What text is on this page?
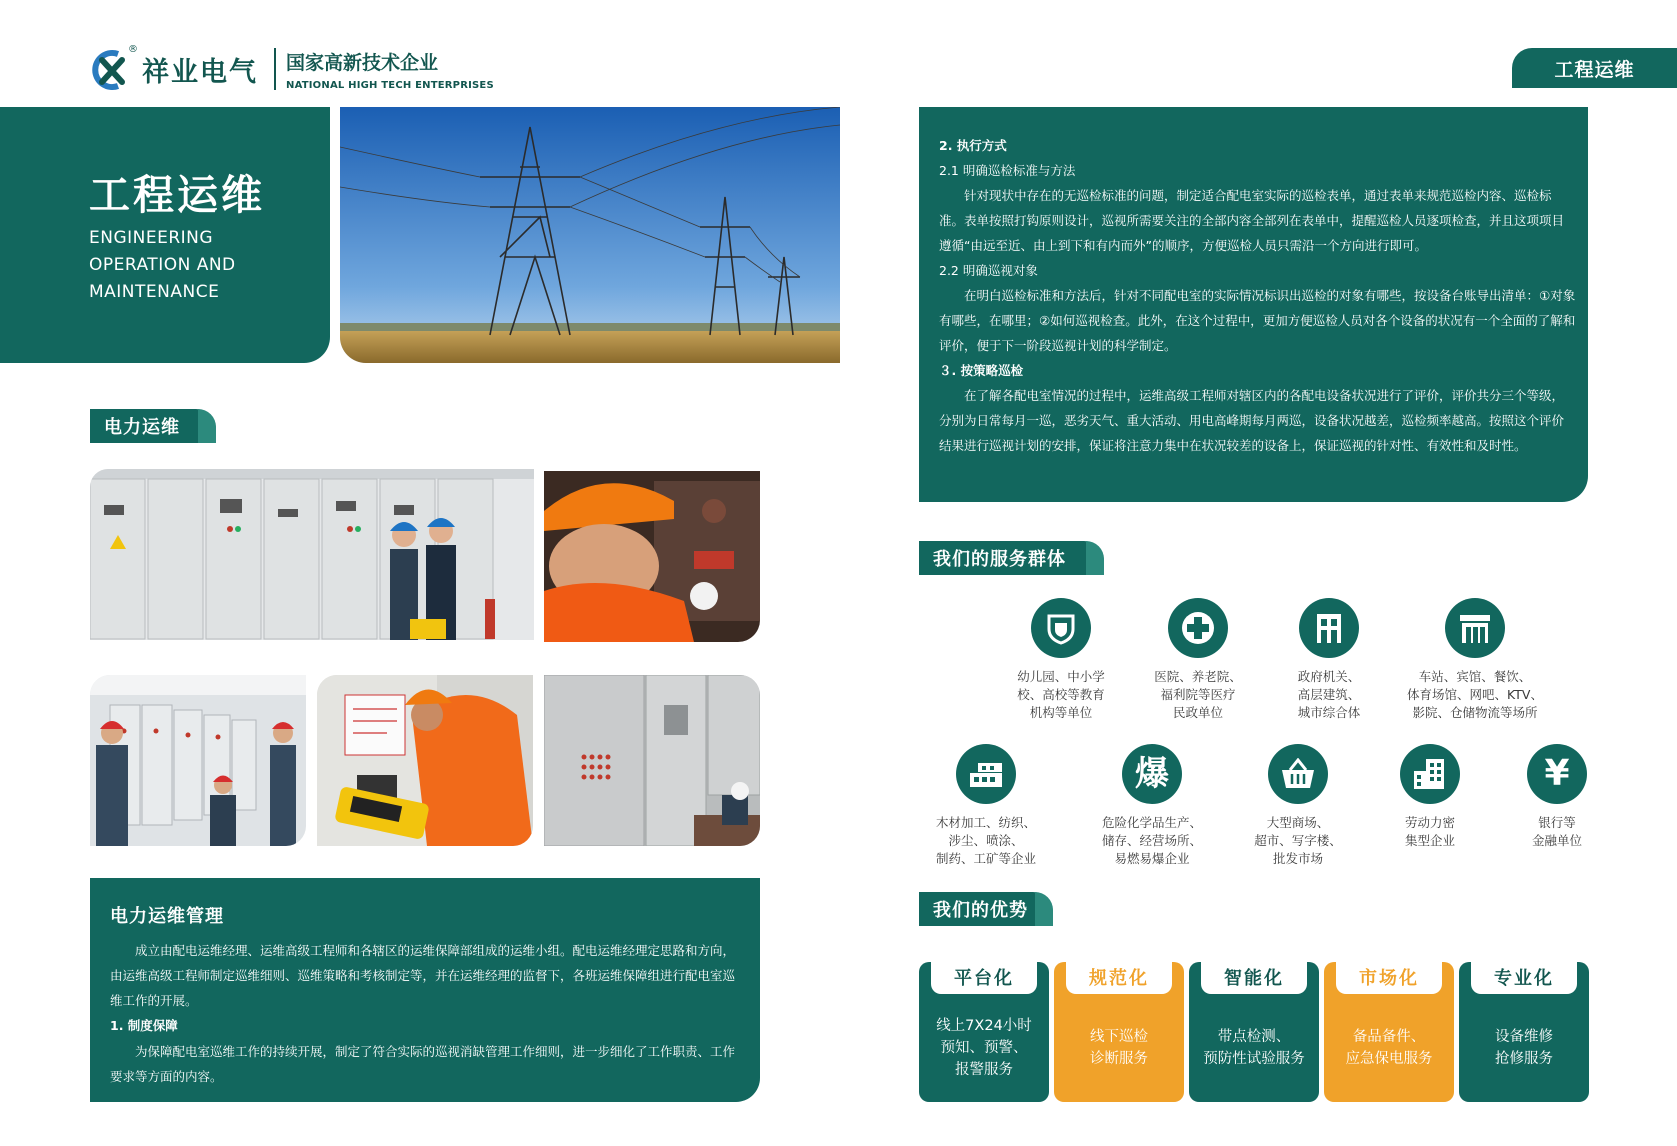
®
祥业电气 国家高新技术企业
NATIONAL HIGH TECH ENTERPRISES
工程运维
工程运维
ENGINEERING
OPERATION AND
MAINTENANCE
电力运维
电力运维管理

成立由配电运维经理、运维高级工程师和各辖区的运维保障部组成的运维小组。配电运维经理定思路和方向，由运维高级工程师制定巡维细则、巡维策略和考核制定等，并在运维经理的监督下，各班运维保障组进行配电室巡维工作的开展。

1. 制度保障

为保障配电室巡维工作的持续开展，制定了符合实际的巡视消缺管理工作细则，进一步细化了工作职责、工作要求等方面的内容。

2. 执行方式
2.1 明确巡检标准与方法

针对现状中存在的无巡检标准的问题，制定适合配电室实际的巡检表单，通过表单来规范巡检内容、巡检标准。表单按照打钩原则设计，巡视所需要关注的全部内容全部列在表单中，提醒巡检人员逐项检查，并且这项项目遵循“由远至近、由上到下和有内而外”的顺序，方便巡检人员只需沿一个方向进行即可。

2.2 明确巡视对象

在明白巡检标准和方法后，针对不同配电室的实际情况标识出巡检的对象有哪些，按设备台账导出清单：①对象有哪些，在哪里；②如何巡视检查。此外，在这个过程中，更加方便巡检人员对各个设备的状况有一个全面的了解和评价，便于下一阶段巡视计划的科学制定。

３. 按策略巡检

在了解各配电室情况的过程中，运维高级工程师对辖区内的各配电设备状况进行了评价，评价共分三个等级，分别为日常每月一巡，恶劣天气、重大活动、用电高峰期每月两巡，设备状况越差，巡检频率越高。按照这个评价结果进行巡视计划的安排，保证将注意力集中在状况较差的设备上，保证巡视的针对性、有效性和及时性。

我们的服务群体
幼儿园、中小学
校、高校等教育
机构等单位
医院、养老院、
福利院等医疗
民政单位
政府机关、
高层建筑、
城市综合体
车站、宾馆、餐饮、
体育场馆、网吧、KTV、
影院、仓储物流等场所
木材加工、纺织、
涉尘、喷涂、
制药、工矿等企业
爆
危险化学品生产、
储存、经营场所、
易燃易爆企业
大型商场、
超市、写字楼、
批发市场
劳动力密
集型企业
¥
银行等
金融单位
我们的优势
平台化
线上7X24小时
预知、预警、
报警服务
规范化
线下巡检
诊断服务
智能化
带点检测、
预防性试验服务
市场化
备品备件、
应急保电服务
专业化
设备维修
抢修服务
